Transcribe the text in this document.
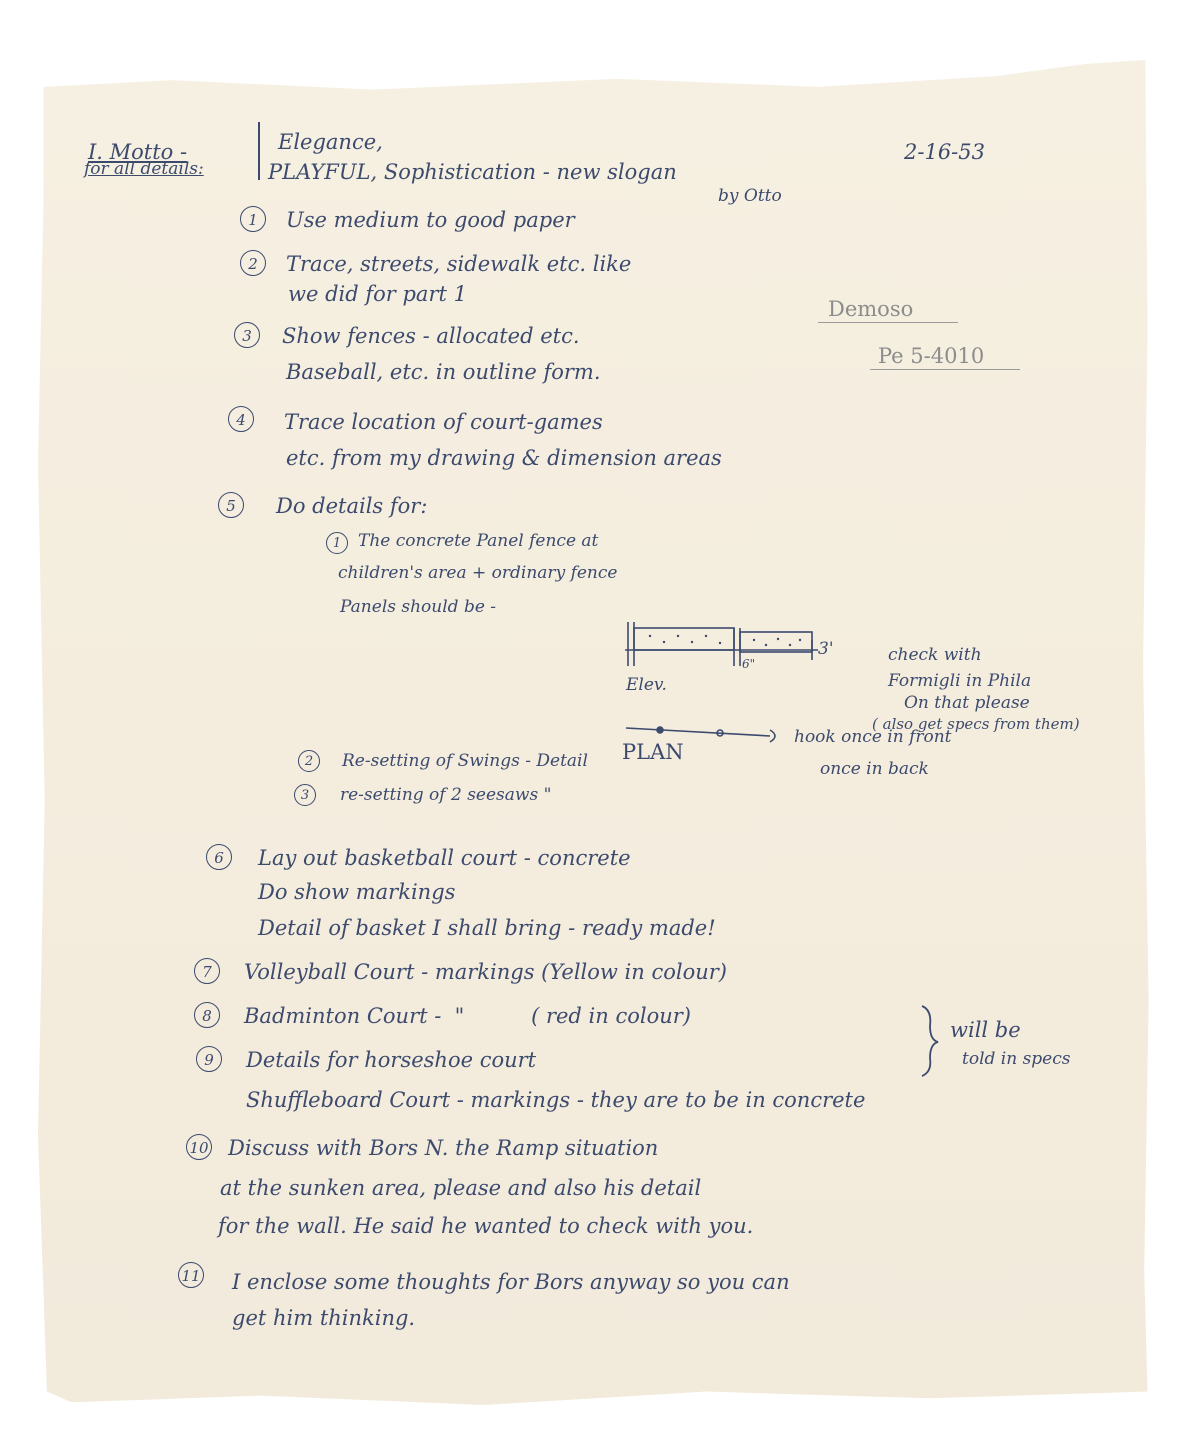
I. Motto -
for all details:
Elegance,
PLAYFUL, Sophistication - new slogan
by Otto
2-16-53
Demoso
Pe 5-4010
1	Use medium to good paper
2	Trace, streets, sidewalk etc. like
we did for part 1
3	Show fences - allocated etc.
Baseball, etc. in outline form.
4	Trace location of court-games
etc. from my drawing & dimension areas
5	Do details for:
1 The concrete Panel fence at
children's area + ordinary fence
Panels should be -
3'
6"
Elev.
PLAN
hook once in front
once in back
check with
Formigli in Phila
On that please
( also get specs from them)
2	Re-setting of Swings - Detail
3	re-setting of 2 seesaws "
6	Lay out basketball court - concrete
Do show markings
Detail of basket I shall bring - ready made!
7	Volleyball Court - markings (Yellow in colour)
8	Badminton Court -  "          ( red in colour)
will be
told in specs
9	Details for horseshoe court
Shuffleboard Court - markings - they are to be in concrete
10 Discuss with Bors N. the Ramp situation
at the sunken area, please and also his detail
for the wall. He said he wanted to check with you.
11 I enclose some thoughts for Bors anyway so you can
get him thinking.
